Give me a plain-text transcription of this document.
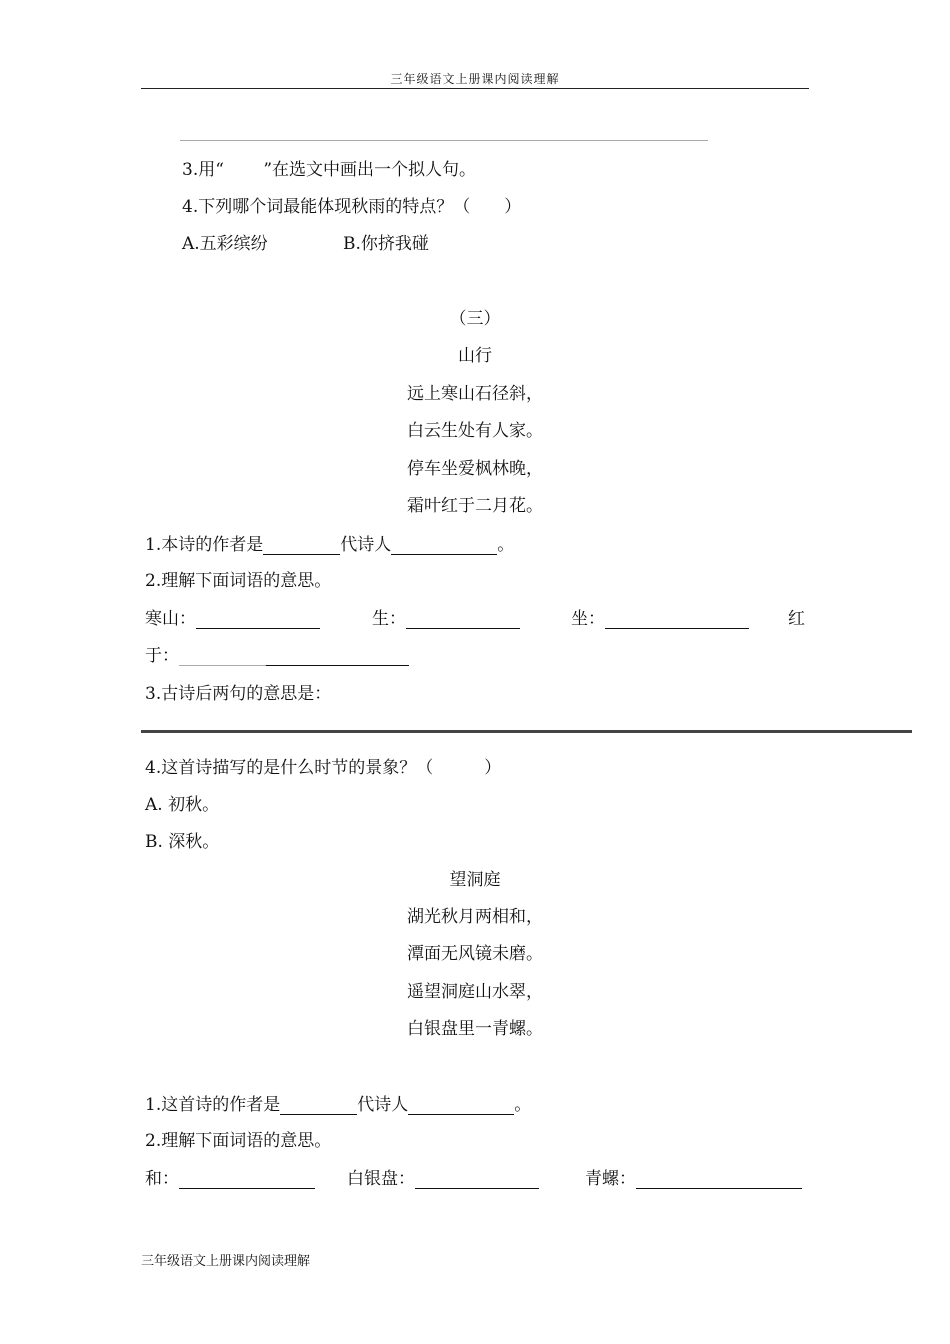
三年级语文上册课内阅读理解
3.用“　　 ”在选文中画出一个拟人句。
4.下列哪个词最能体现秋雨的特点？（　　）
A.五彩缤纷	B.你挤我碰
（三）
山行
远上寒山石径斜，
白云生处有人家。
停车坐爱枫林晚，
霜叶红于二月花。
1.本诗的作者是	代诗人	。
2.理解下面词语的意思。
寒山：	生：	坐：	红
于：
3.古诗后两句的意思是：
4.这首诗描写的是什么时节的景象？（　　　）
A. 初秋。
B. 深秋。
望洞庭
湖光秋月两相和，
潭面无风镜未磨。
遥望洞庭山水翠，
白银盘里一青螺。
1.这首诗的作者是	代诗人	。
2.理解下面词语的意思。
和：	白银盘：	青螺：
三年级语文上册课内阅读理解
